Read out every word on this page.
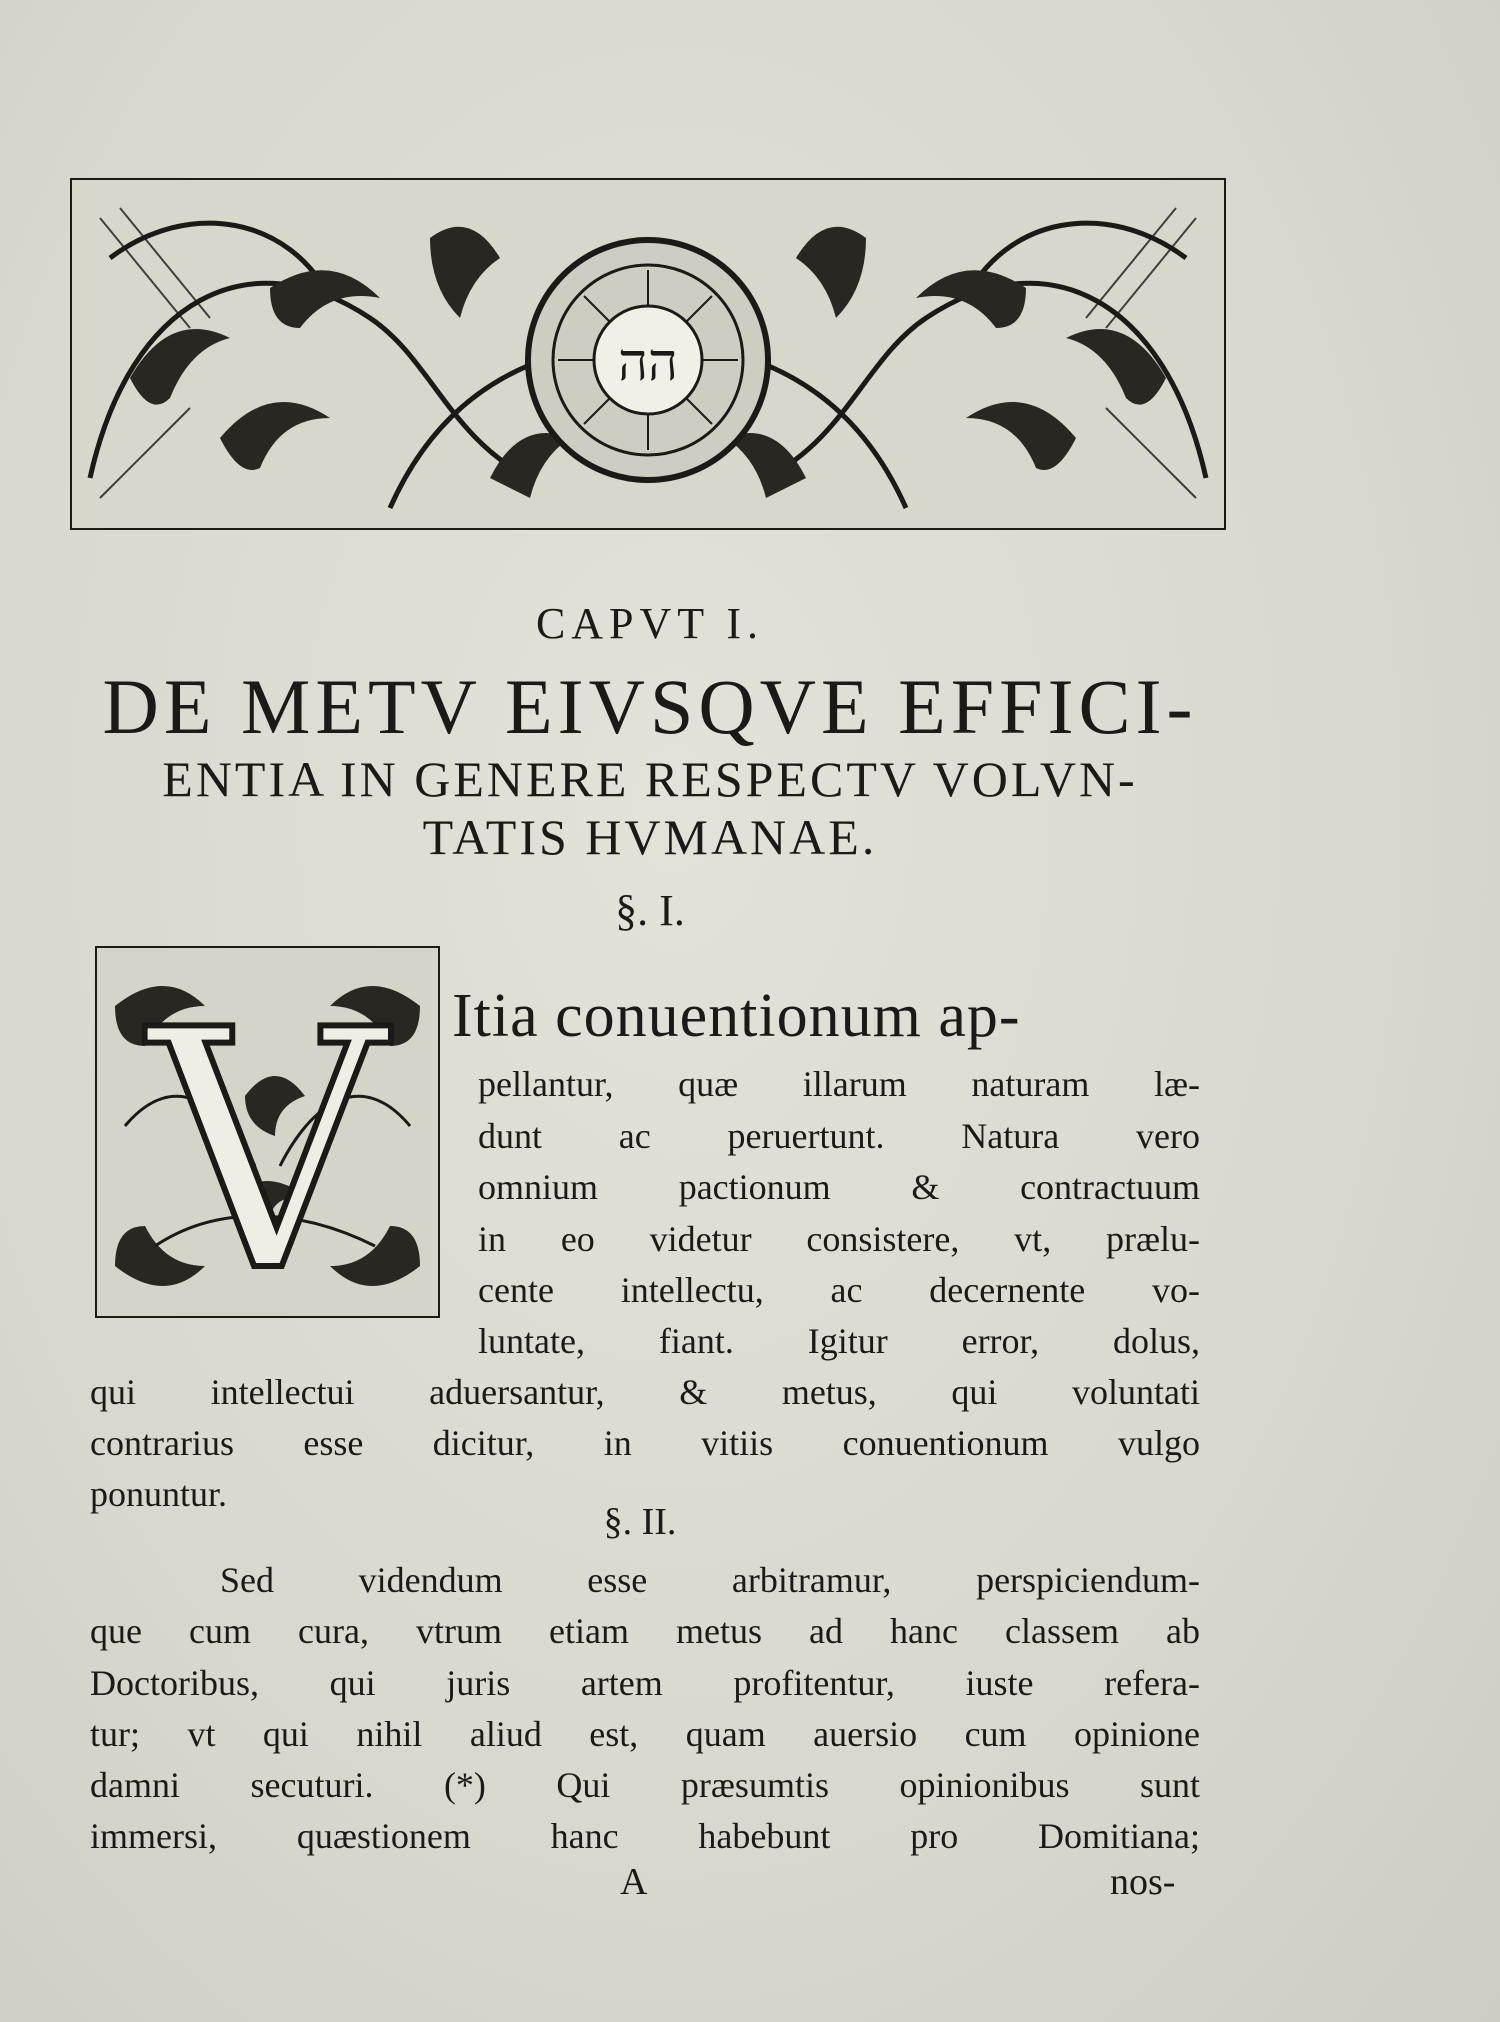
הה
CAPVT I.
DE METV EIVSQVE EFFICI-
ENTIA IN GENERE RESPECTV VOLVN-
TATIS HVMANAE.
§. I.
V Itia conuentionum ap-
pellantur, quæ illarum naturam læ-
dunt ac peruertunt. Natura vero
omnium pactionum & contractuum
in eo videtur consistere, vt, prælu-
cente intellectu, ac decernente vo-
luntate, fiant. Igitur error, dolus,
qui intellectui aduersantur, & metus, qui voluntati
contrarius esse dicitur, in vitiis conuentionum vulgo
ponuntur.
§. II.
Sed videndum esse arbitramur, perspiciendum-
que cum cura, vtrum etiam metus ad hanc classem ab
Doctoribus, qui juris artem profitentur, iuste refera-
tur; vt qui nihil aliud est, quam auersio cum opinione
damni secuturi. (*) Qui præsumtis opinionibus sunt
immersi, quæstionem hanc habebunt pro Domitiana;
A	nos-
